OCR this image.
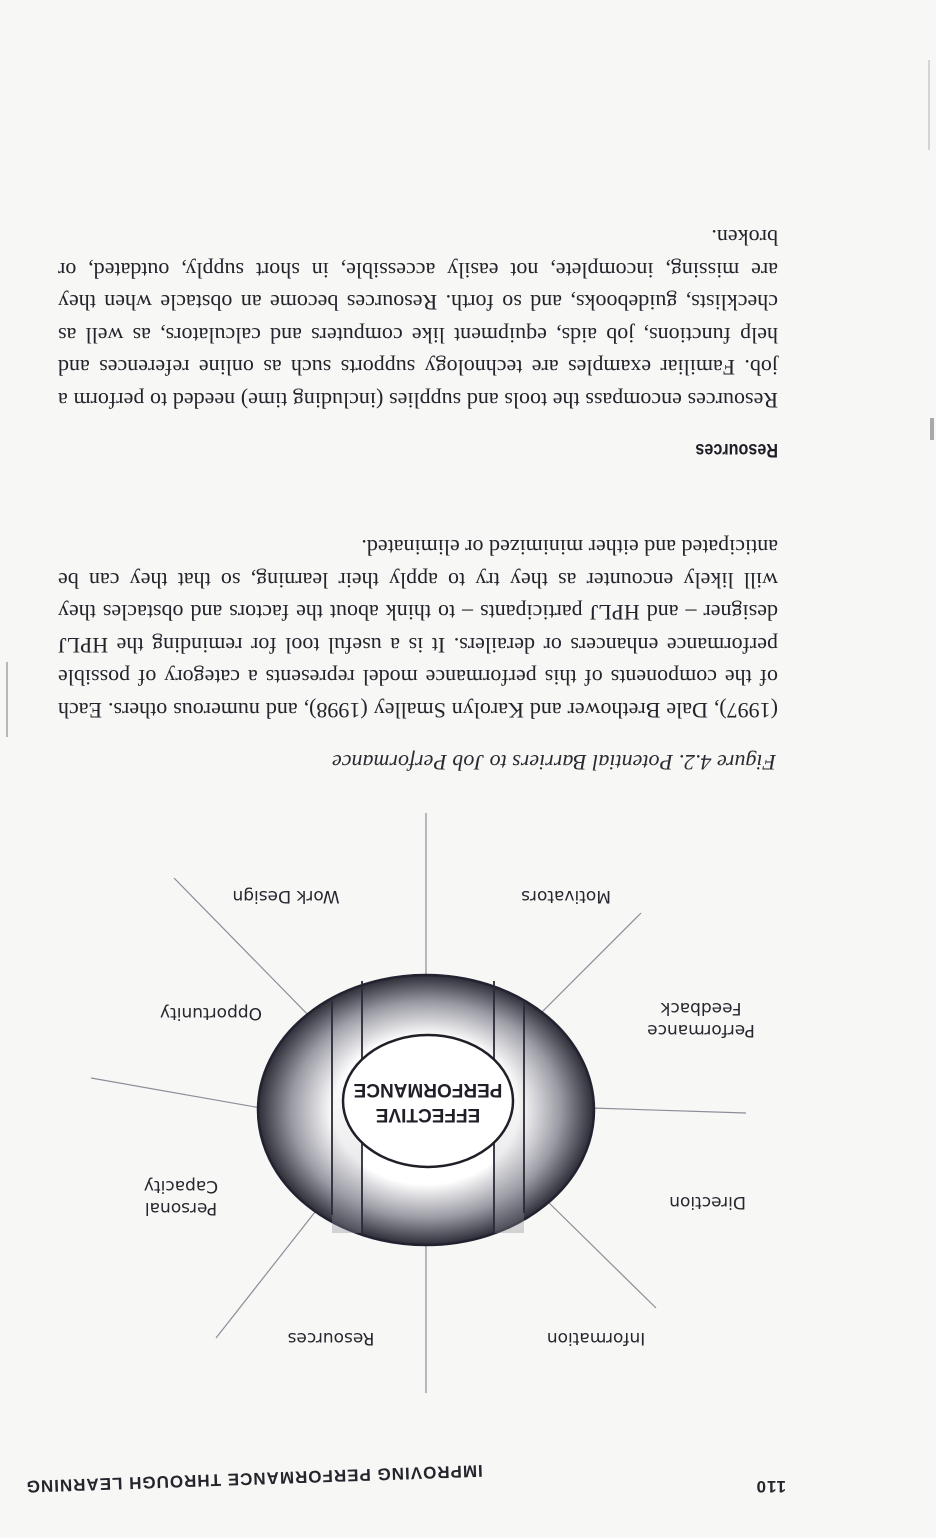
110
IMPROVING PERFORMANCE THROUGH LEARNING
EFFECTIVE
PERFORMANCE
Information
Resources
Direction
Personal
Capacity
Performance
Feedback
Opportunity
Motivators
Work Design
Figure 4.2. Potential Barriers to Job Performance

(1997), Dale Brethower and Karolyn Smalley (1998), and numerous others. Each of the components of this performance model represents a category of possible performance enhancers or derailers. It is a useful tool for reminding the HPLJ designer – and HPLJ participants – to think about the factors and obstacles they will likely encounter as they try to apply their learning, so that they can be anticipated and either minimized or eliminated.

Resources

Resources encompass the tools and supplies (including time) needed to perform a job. Familiar examples are technology supports such as online references and help functions, job aids, equipment like computers and calculators, as well as checklists, guidebooks, and so forth. Resources become an obstacle when they are missing, incomplete, not easily accessible, in short supply, outdated, or broken.
